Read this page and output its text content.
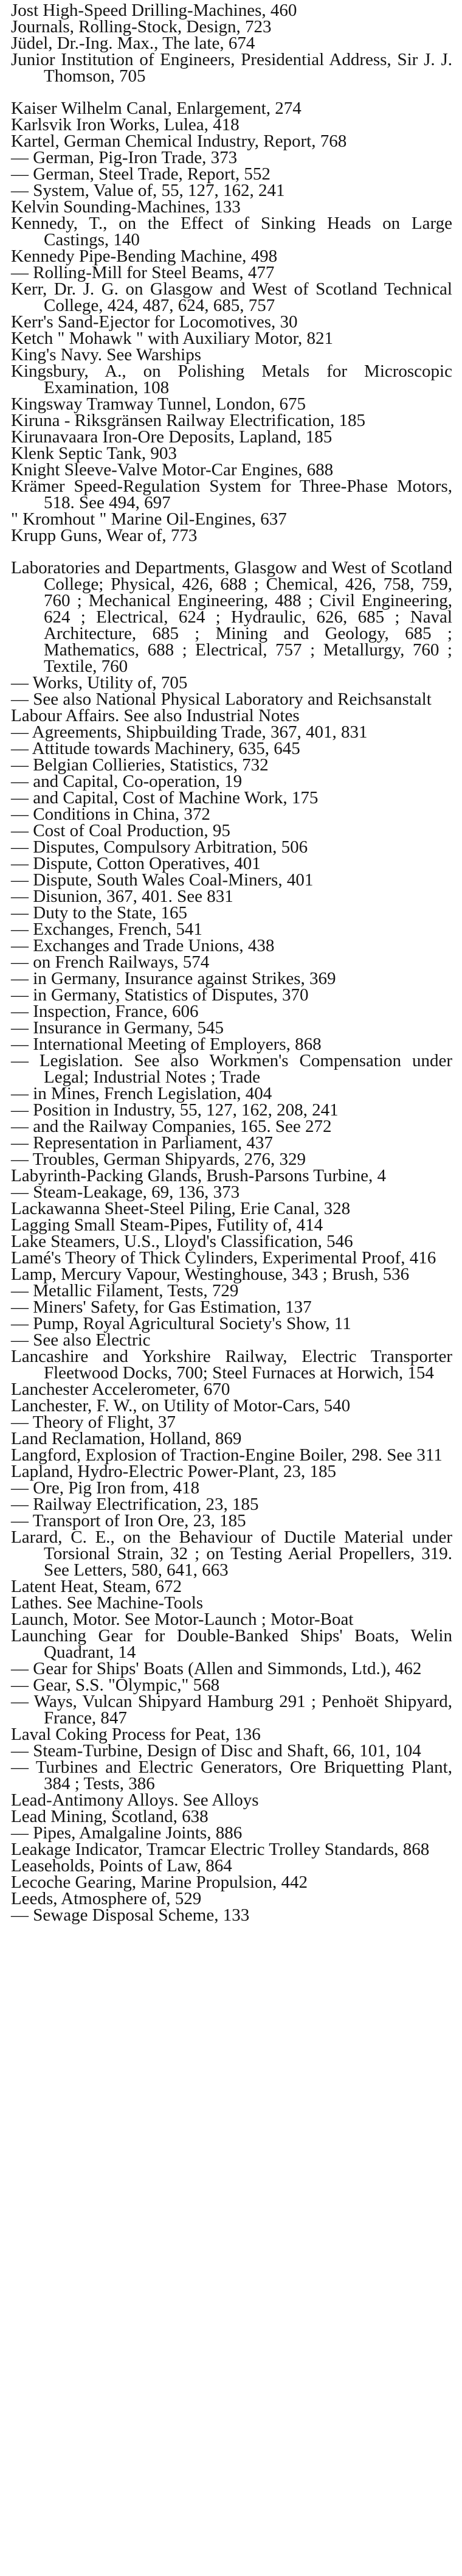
Jost High-Speed Drilling-Machines, 460

Journals, Rolling-Stock, Design, 723

Jüdel, Dr.-Ing. Max., The late, 674

Junior Institution of Engineers, Presidential Address, Sir J. J. Thomson, 705

Kaiser Wilhelm Canal, Enlargement, 274

Karlsvik Iron Works, Lulea, 418

Kartel, German Chemical Industry, Report, 768

— German, Pig-Iron Trade, 373

— German, Steel Trade, Report, 552

— System, Value of, 55, 127, 162, 241

Kelvin Sounding-Machines, 133

Kennedy, T., on the Effect of Sinking Heads on Large Castings, 140

Kennedy Pipe-Bending Machine, 498

— Rolling-Mill for Steel Beams, 477

Kerr, Dr. J. G. on Glasgow and West of Scotland Technical College, 424, 487, 624, 685, 757

Kerr's Sand-Ejector for Locomotives, 30

Ketch " Mohawk " with Auxiliary Motor, 821

King's Navy. See Warships

Kingsbury, A., on Polishing Metals for Microscopic Examination, 108

Kingsway Tramway Tunnel, London, 675

Kiruna - Riksgränsen Railway Electrification, 185

Kirunavaara Iron-Ore Deposits, Lapland, 185

Klenk Septic Tank, 903

Knight Sleeve-Valve Motor-Car Engines, 688

Krämer Speed-Regulation System for Three-Phase Motors, 518. See 494, 697

" Kromhout " Marine Oil-Engines, 637

Krupp Guns, Wear of, 773

Laboratories and Departments, Glasgow and West of Scotland College; Physical, 426, 688 ; Chemical, 426, 758, 759, 760 ; Mechanical Engineering, 488 ; Civil Engineering, 624 ; Electrical, 624 ; Hydraulic, 626, 685 ; Naval Architecture, 685 ; Mining and Geology, 685 ; Mathematics, 688 ; Electrical, 757 ; Metallurgy, 760 ; Textile, 760

— Works, Utility of, 705

— See also National Physical Laboratory and Reichsanstalt

Labour Affairs. See also Industrial Notes

— Agreements, Shipbuilding Trade, 367, 401, 831

— Attitude towards Machinery, 635, 645

— Belgian Collieries, Statistics, 732

— and Capital, Co-operation, 19

— and Capital, Cost of Machine Work, 175

— Conditions in China, 372

— Cost of Coal Production, 95

— Disputes, Compulsory Arbitration, 506

— Dispute, Cotton Operatives, 401

— Dispute, South Wales Coal-Miners, 401

— Disunion, 367, 401. See 831

— Duty to the State, 165

— Exchanges, French, 541

— Exchanges and Trade Unions, 438

— on French Railways, 574

— in Germany, Insurance against Strikes, 369

— in Germany, Statistics of Disputes, 370

— Inspection, France, 606

— Insurance in Germany, 545

— International Meeting of Employers, 868

— Legislation. See also Workmen's Compensation under Legal; Industrial Notes ; Trade

— in Mines, French Legislation, 404

— Position in Industry, 55, 127, 162, 208, 241

— and the Railway Companies, 165. See 272

— Representation in Parliament, 437

— Troubles, German Shipyards, 276, 329

Labyrinth-Packing Glands, Brush-Parsons Turbine, 4

— Steam-Leakage, 69, 136, 373

Lackawanna Sheet-Steel Piling, Erie Canal, 328

Lagging Small Steam-Pipes, Futility of, 414

Lake Steamers, U.S., Lloyd's Classification, 546

Lamé's Theory of Thick Cylinders, Experimental Proof, 416

Lamp, Mercury Vapour, Westinghouse, 343 ; Brush, 536

— Metallic Filament, Tests, 729

— Miners' Safety, for Gas Estimation, 137

— Pump, Royal Agricultural Society's Show, 11

— See also Electric

Lancashire and Yorkshire Railway, Electric Transporter Fleetwood Docks, 700; Steel Furnaces at Horwich, 154

Lanchester Accelerometer, 670

Lanchester, F. W., on Utility of Motor-Cars, 540

— Theory of Flight, 37

Land Reclamation, Holland, 869

Langford, Explosion of Traction-Engine Boiler, 298. See 311

Lapland, Hydro-Electric Power-Plant, 23, 185

— Ore, Pig Iron from, 418

— Railway Electrification, 23, 185

— Transport of Iron Ore, 23, 185

Larard, C. E., on the Behaviour of Ductile Material under Torsional Strain, 32 ; on Testing Aerial Propellers, 319. See Letters, 580, 641, 663

Latent Heat, Steam, 672

Lathes. See Machine-Tools

Launch, Motor. See Motor-Launch ; Motor-Boat

Launching Gear for Double-Banked Ships' Boats, Welin Quadrant, 14

— Gear for Ships' Boats (Allen and Simmonds, Ltd.), 462

— Gear, S.S. "Olympic," 568

— Ways, Vulcan Shipyard Hamburg 291 ; Penhoët Shipyard, France, 847

Laval Coking Process for Peat, 136

— Steam-Turbine, Design of Disc and Shaft, 66, 101, 104

— Turbines and Electric Generators, Ore Briquetting Plant, 384 ; Tests, 386

Lead-Antimony Alloys. See Alloys

Lead Mining, Scotland, 638

— Pipes, Amalgaline Joints, 886

Leakage Indicator, Tramcar Electric Trolley Standards, 868

Leaseholds, Points of Law, 864

Lecoche Gearing, Marine Propulsion, 442

Leeds, Atmosphere of, 529

— Sewage Disposal Scheme, 133
